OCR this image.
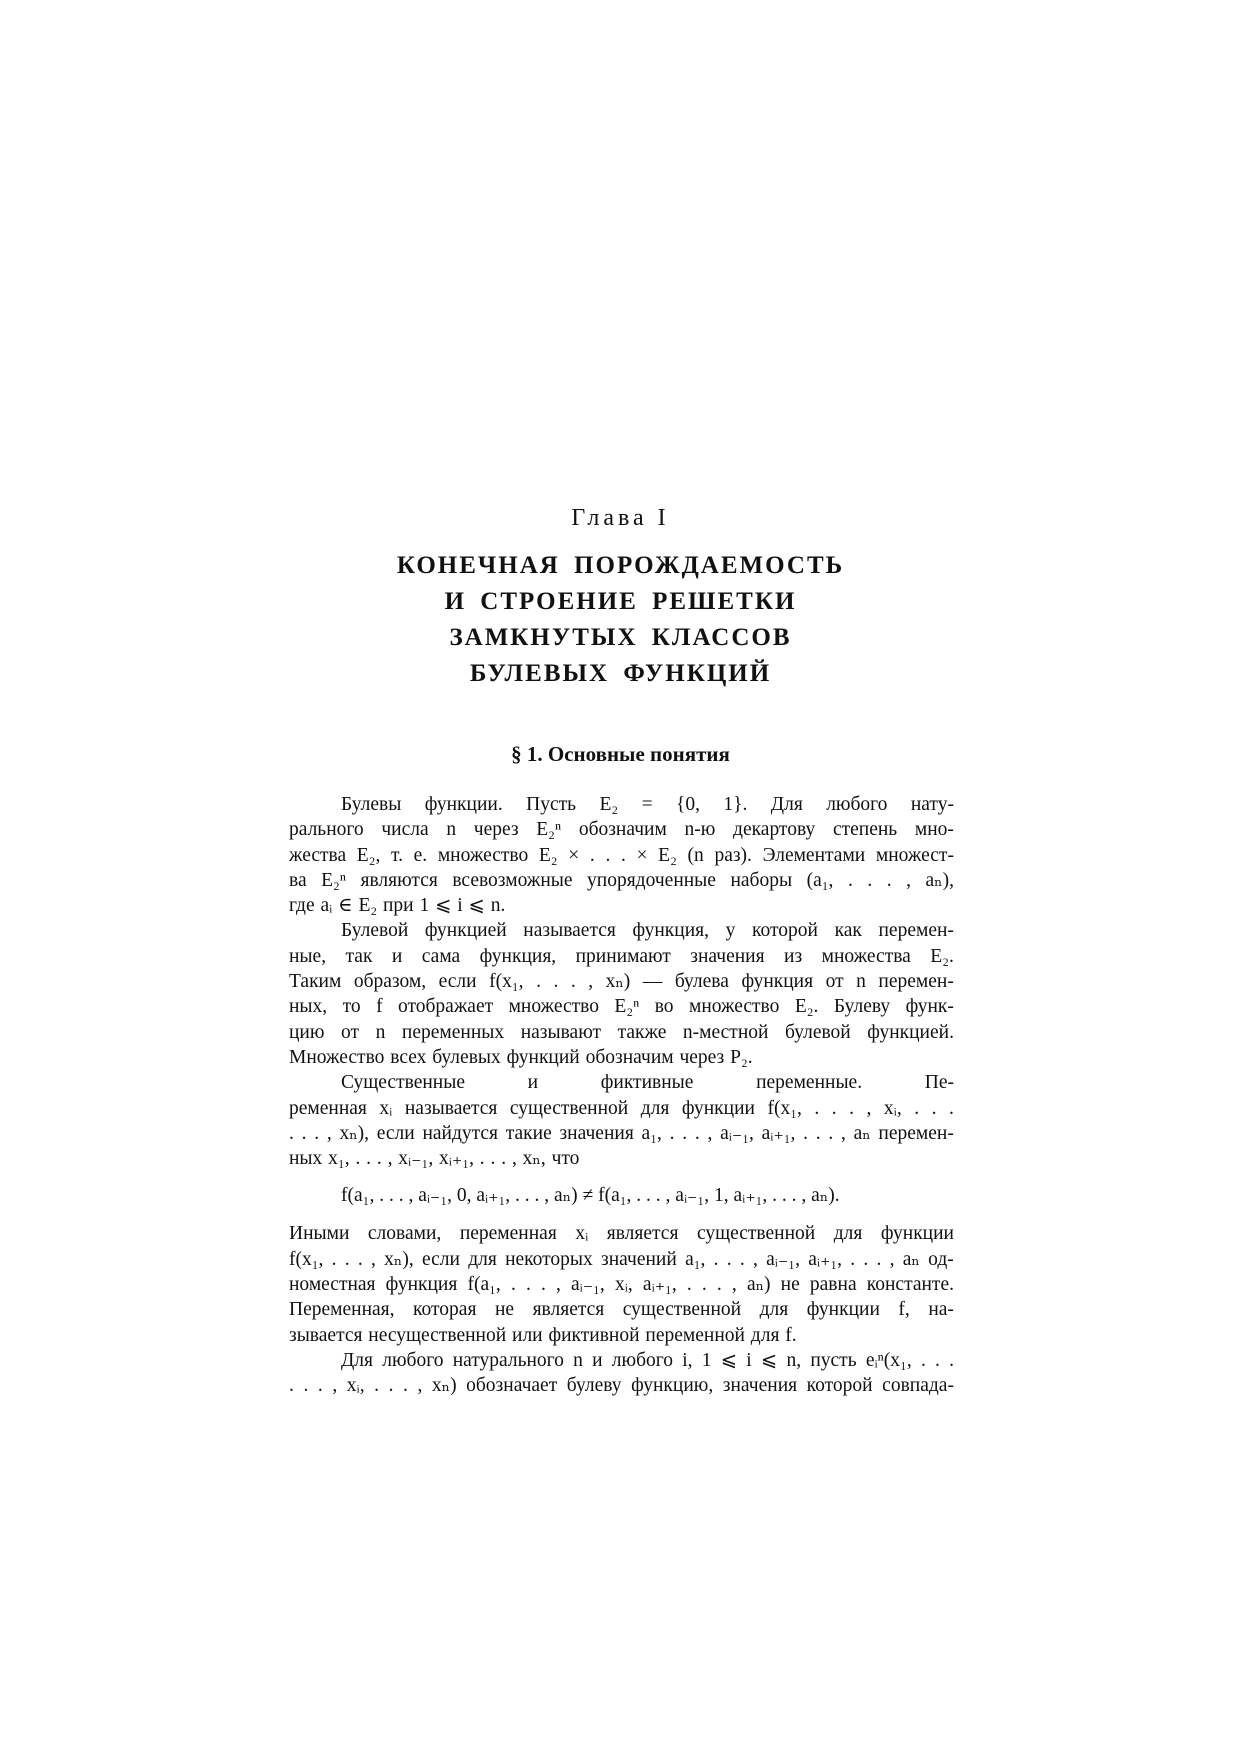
Глава I
КОНЕЧНАЯ ПОРОЖДАЕМОСТЬ
И СТРОЕНИЕ РЕШЕТКИ
ЗАМКНУТЫХ КЛАССОВ
БУЛЕВЫХ ФУНКЦИЙ
§ 1. Основные понятия
Булевы функции. Пусть E₂ = {0, 1}. Для любого нату-
рального числа n через E₂ⁿ обозначим n-ю декартову степень мно-
жества E₂, т. е. множество E₂ × . . . × E₂ (n раз). Элементами множест-
ва E₂ⁿ являются всевозможные упорядоченные наборы (a₁, . . . , aₙ),
где aᵢ ∈ E₂ при 1 ⩽ i ⩽ n.
Булевой функцией называется функция, у которой как перемен-
ные, так и сама функция, принимают значения из множества E₂.
Таким образом, если f(x₁, . . . , xₙ) — булева функция от n перемен-
ных, то f отображает множество E₂ⁿ во множество E₂. Булеву функ-
цию от n переменных называют также n-местной булевой функцией.
Множество всех булевых функций обозначим через P₂.
Существенные	и	фиктивные	переменные.	Пе-
ременная xᵢ называется существенной для функции f(x₁, . . . , xᵢ, . . .
. . . , xₙ), если найдутся такие значения a₁, . . . , aᵢ₋₁, aᵢ₊₁, . . . , aₙ перемен-
ных x₁, . . . , xᵢ₋₁, xᵢ₊₁, . . . , xₙ, что
f(a₁, . . . , aᵢ₋₁, 0, aᵢ₊₁, . . . , aₙ) ≠ f(a₁, . . . , aᵢ₋₁, 1, aᵢ₊₁, . . . , aₙ).
Иными словами, переменная xᵢ является существенной для функции
f(x₁, . . . , xₙ), если для некоторых значений a₁, . . . , aᵢ₋₁, aᵢ₊₁, . . . , aₙ од-
номестная функция f(a₁, . . . , aᵢ₋₁, xᵢ, aᵢ₊₁, . . . , aₙ) не равна константе.
Переменная, которая не является существенной для функции f, на-
зывается несущественной или фиктивной переменной для f.
Для любого натурального n и любого i, 1 ⩽ i ⩽ n, пусть eᵢⁿ(x₁, . . .
. . . , xᵢ, . . . , xₙ) обозначает булеву функцию, значения которой совпада-
